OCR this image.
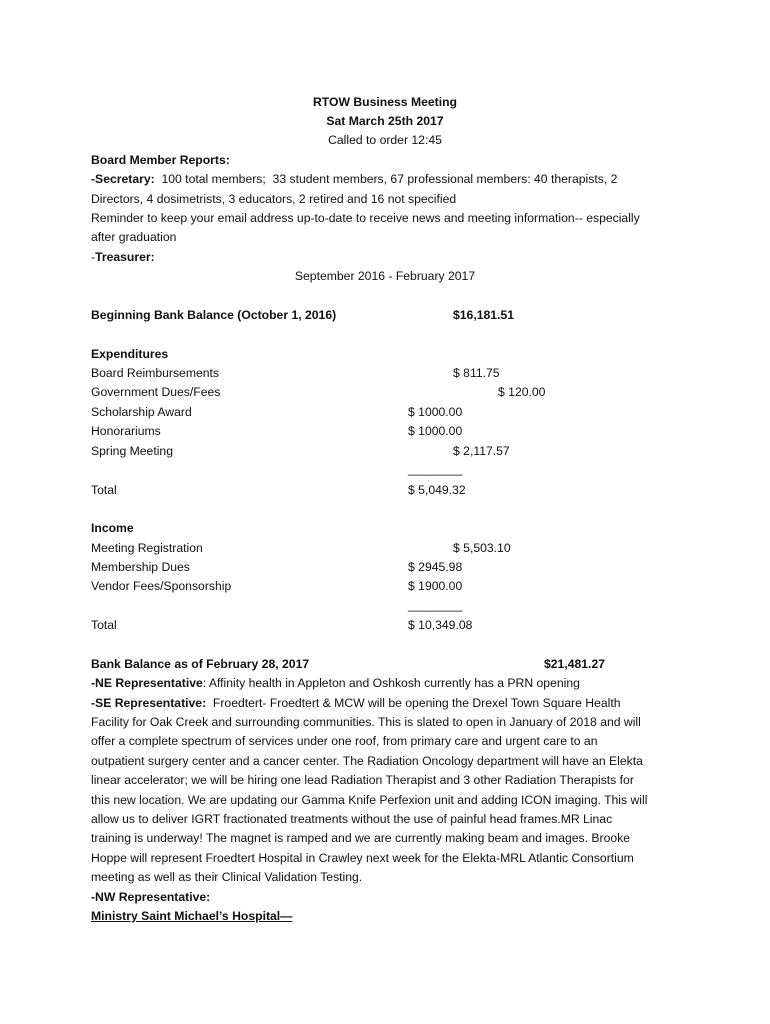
RTOW Business Meeting
Sat March 25th 2017
Called to order 12:45
Board Member Reports:
-Secretary:  100 total members;  33 student members, 67 professional members: 40 therapists, 2
Directors, 4 dosimetrists, 3 educators, 2 retired and 16 not specified
Reminder to keep your email address up-to-date to receive news and meeting information-- especially
after graduation
-Treasurer:
September 2016 - February 2017
Beginning Bank Balance (October 1, 2016)	$16,181.51
Expenditures
Board Reimbursements	$ 811.75
Government Dues/Fees	$ 120.00
Scholarship Award	$ 1000.00
Honorariums	$ 1000.00
Spring Meeting	$ 2,117.57
________
Total	$ 5,049.32
Income
Meeting Registration	$ 5,503.10
Membership Dues	$ 2945.98
Vendor Fees/Sponsorship	$ 1900.00
________
Total	$ 10,349.08
Bank Balance as of February 28, 2017	$21,481.27
-NE Representative: Affinity health in Appleton and Oshkosh currently has a PRN opening
-SE Representative:  Froedtert- Froedtert & MCW will be opening the Drexel Town Square Health
Facility for Oak Creek and surrounding communities. This is slated to open in January of 2018 and will
offer a complete spectrum of services under one roof, from primary care and urgent care to an
outpatient surgery center and a cancer center. The Radiation Oncology department will have an Elekta
linear accelerator; we will be hiring one lead Radiation Therapist and 3 other Radiation Therapists for
this new location. We are updating our Gamma Knife Perfexion unit and adding ICON imaging. This will
allow us to deliver IGRT fractionated treatments without the use of painful head frames.MR Linac
training is underway! The magnet is ramped and we are currently making beam and images. Brooke
Hoppe will represent Froedtert Hospital in Crawley next week for the Elekta-MRL Atlantic Consortium
meeting as well as their Clinical Validation Testing.
-NW Representative:
Ministry Saint Michael’s Hospital—
